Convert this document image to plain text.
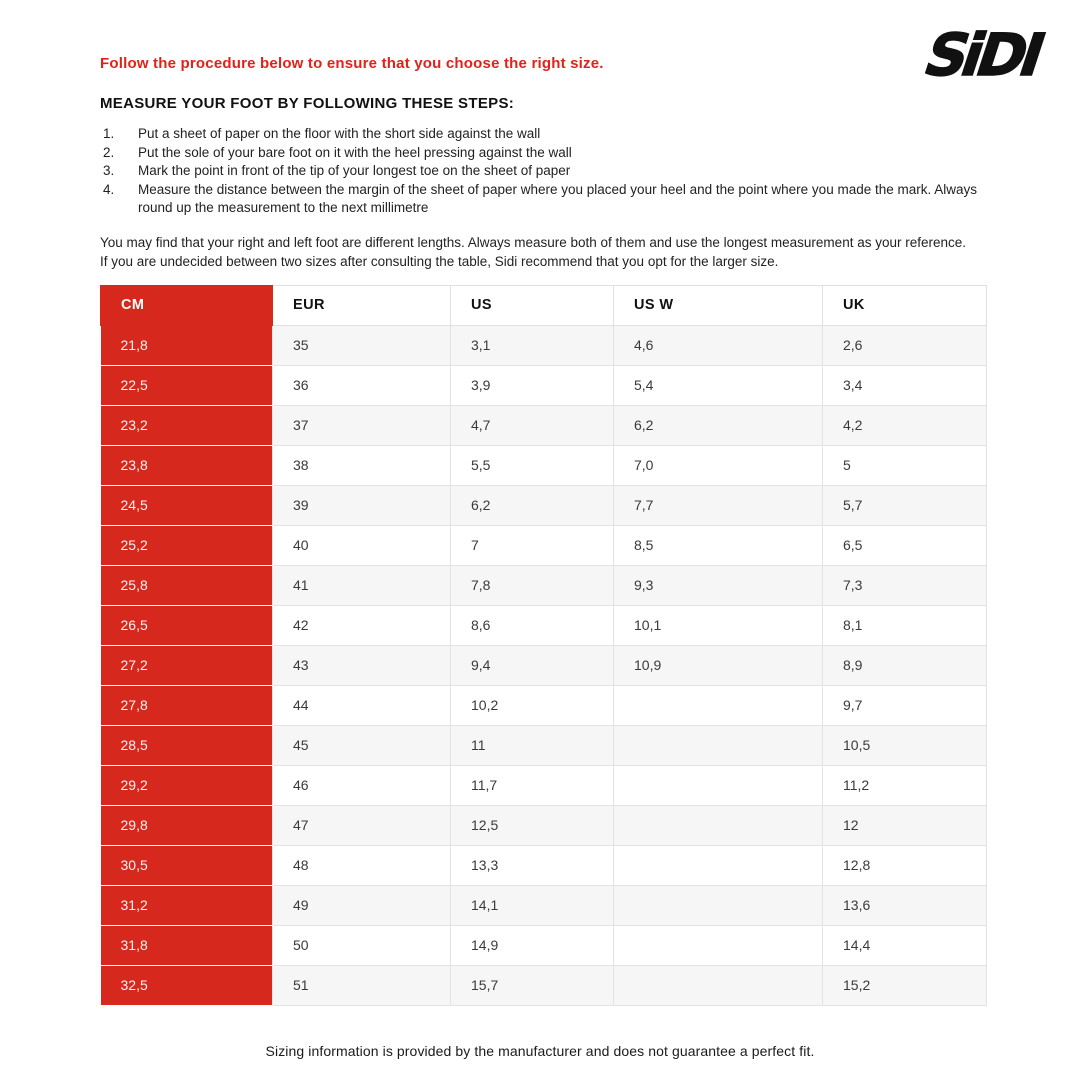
SiDI
Follow the procedure below to ensure that you choose the right size.
MEASURE YOUR FOOT BY FOLLOWING THESE STEPS:
1.	Put a sheet of paper on the floor with the short side against the wall
2.	Put the sole of your bare foot on it with the heel pressing against the wall
3.	Mark the point in front of the tip of your longest toe on the sheet of paper
4.	Measure the distance between the margin of the sheet of paper where you placed your heel and the point where you made the mark. Always round up the measurement to the next millimetre

You may find that your right and left foot are different lengths. Always measure both of them and use the longest measurement as your reference.

If you are undecided between two sizes after consulting the table, Sidi recommend that you opt for the larger size.

CM	EUR	US	US W	UK
21,8	35	3,1	4,6	2,6
22,5	36	3,9	5,4	3,4
23,2	37	4,7	6,2	4,2
23,8	38	5,5	7,0	5
24,5	39	6,2	7,7	5,7
25,2	40	7	8,5	6,5
25,8	41	7,8	9,3	7,3
26,5	42	8,6	10,1	8,1
27,2	43	9,4	10,9	8,9
27,8	44	10,2		9,7
28,5	45	11		10,5
29,2	46	11,7		11,2
29,8	47	12,5		12
30,5	48	13,3		12,8
31,2	49	14,1		13,6
31,8	50	14,9		14,4
32,5	51	15,7		15,2
Sizing information is provided by the manufacturer and does not guarantee a perfect fit.
